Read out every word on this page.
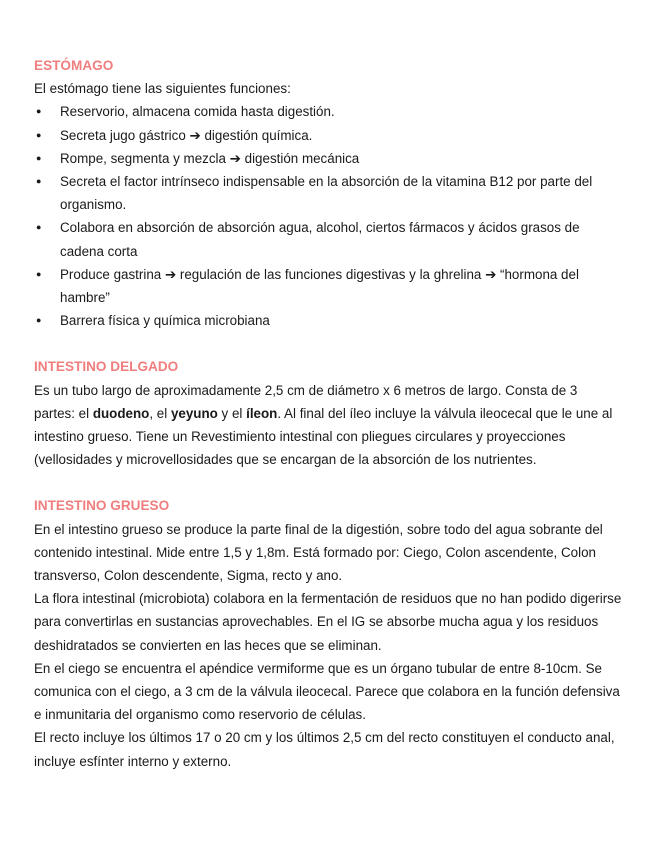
ESTÓMAGO

El estómago tiene las siguientes funciones:

● Reservorio, almacena comida hasta digestión.
● Secreta jugo gástrico ➔ digestión química.
● Rompe, segmenta y mezcla ➔ digestión mecánica
● Secreta el factor intrínseco indispensable en la absorción de la vitamina B12 por parte del organismo.
● Colabora en absorción de absorción agua, alcohol, ciertos fármacos y ácidos grasos de cadena corta
● Produce gastrina ➔ regulación de las funciones digestivas y la ghrelina ➔ “hormona del hambre”
● Barrera física y química microbiana
INTESTINO DELGADO

Es un tubo largo de aproximadamente 2,5 cm de diámetro x 6 metros de largo. Consta de 3 partes: el duodeno, el yeyuno y el íleon. Al final del íleo incluye la válvula ileocecal que le une al intestino grueso. Tiene un Revestimiento intestinal con pliegues circulares y proyecciones (vellosidades y microvellosidades que se encargan de la absorción de los nutrientes.

INTESTINO GRUESO

En el intestino grueso se produce la parte final de la digestión, sobre todo del agua sobrante del contenido intestinal. Mide entre 1,5 y 1,8m. Está formado por: Ciego, Colon ascendente, Colon transverso, Colon descendente, Sigma, recto y ano.

La flora intestinal (microbiota) colabora en la fermentación de residuos que no han podido digerirse para convertirlas en sustancias aprovechables. En el IG se absorbe mucha agua y los residuos deshidratados se convierten en las heces que se eliminan.

En el ciego se encuentra el apéndice vermiforme que es un órgano tubular de entre 8-10cm. Se comunica con el ciego, a 3 cm de la válvula ileocecal. Parece que colabora en la función defensiva e inmunitaria del organismo como reservorio de células.

El recto incluye los últimos 17 o 20 cm y los últimos 2,5 cm del recto constituyen el conducto anal, incluye esfínter interno y externo.
